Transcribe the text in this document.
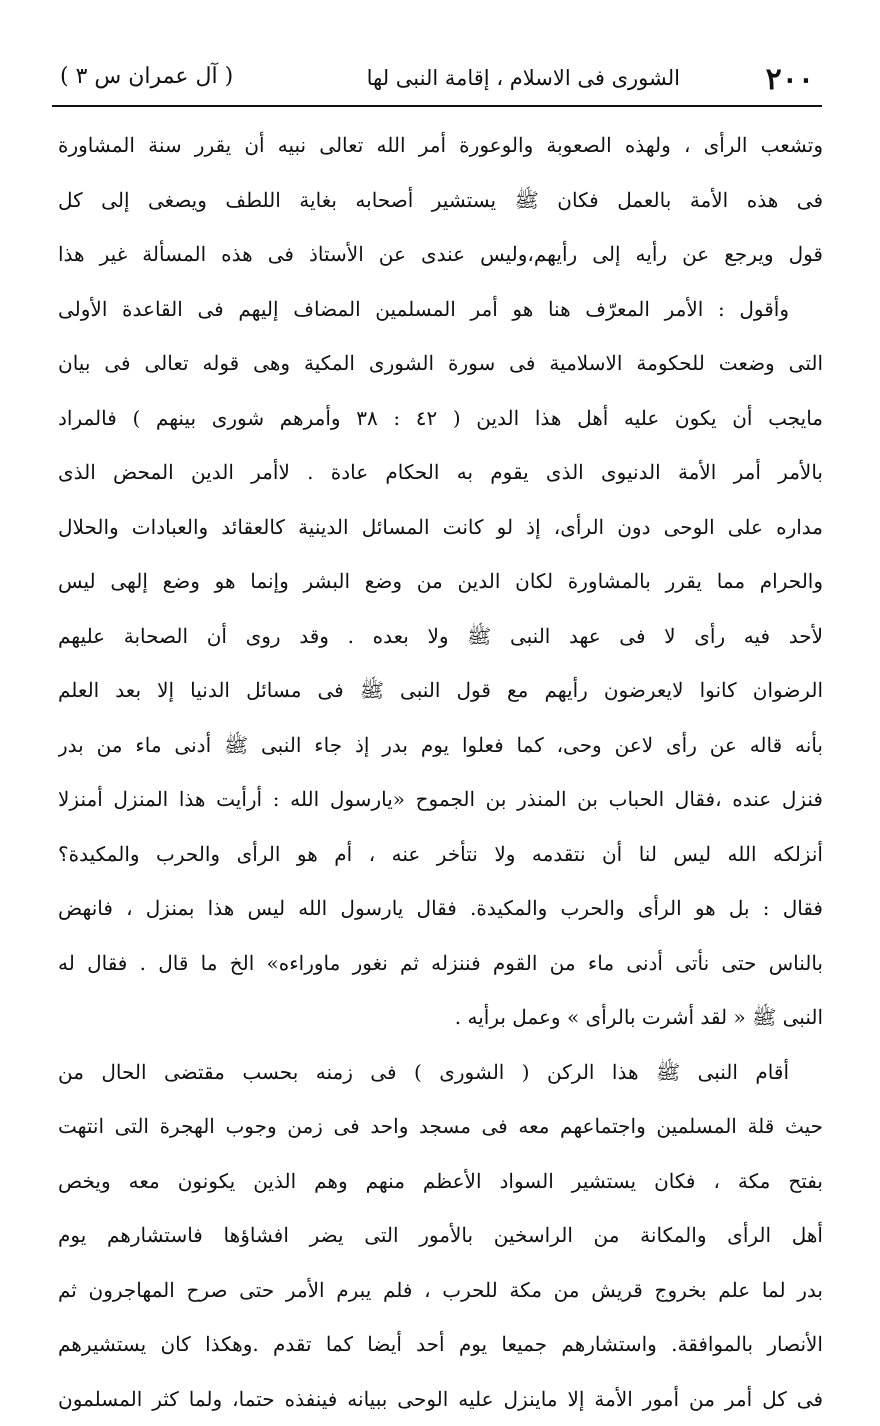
٢٠٠
الشورى فى الاسلام ، إقامة النبى لها
( آل عمران س ٣ )
وتشعب الرأى ، ولهذه الصعوبة والوعورة أمر الله تعالى نبيه أن يقرر سنة المشاورة
فى هذه الأمة بالعمل فكان ﷺ يستشير أصحابه بغاية اللطف ويصغى إلى كل
قول ويرجع عن رأيه إلى رأيهم،وليس عندى عن الأستاذ فى هذه المسألة غير هذا
وأقول : الأمر المعرّف هنا هو أمر المسلمين المضاف إليهم فى القاعدة الأولى
التى وضعت للحكومة الاسلامية فى سورة الشورى المكية وهى قوله تعالى فى بيان
مايجب أن يكون عليه أهل هذا الدين ( ٤٢ : ٣٨ وأمرهم شورى بينهم ) فالمراد
بالأمر أمر الأمة الدنيوى الذى يقوم به الحكام عادة . لاأمر الدين المحض الذى
مداره على الوحى دون الرأى، إذ لو كانت المسائل الدينية كالعقائد والعبادات والحلال
والحرام مما يقرر بالمشاورة لكان الدين من وضع البشر وإنما هو وضع إلهى ليس
لأحد فيه رأى لا فى عهد النبى ﷺ ولا بعده . وقد روى أن الصحابة عليهم
الرضوان كانوا لايعرضون رأيهم مع قول النبى ﷺ فى مسائل الدنيا إلا بعد العلم
بأنه قاله عن رأى لاعن وحى، كما فعلوا يوم بدر إذ جاء النبى ﷺ أدنى ماء من بدر
فنزل عنده ،فقال الحباب بن المنذر بن الجموح «يارسول الله : أرأيت هذا المنزل أمنزلا
أنزلكه الله ليس لنا أن نتقدمه ولا نتأخر عنه ، أم هو الرأى والحرب والمكيدة؟
فقال : بل هو الرأى والحرب والمكيدة. فقال يارسول الله ليس هذا بمنزل ، فانهض
بالناس حتى نأتى أدنى ماء من القوم فننزله ثم نغور ماوراءه» الخ ما قال . فقال له
النبى ﷺ « لقد أشرت بالرأى » وعمل برأيه .
أقام النبى ﷺ هذا الركن ( الشورى ) فى زمنه بحسب مقتضى الحال من
حيث قلة المسلمين واجتماعهم معه فى مسجد واحد فى زمن وجوب الهجرة التى انتهت
بفتح مكة ، فكان يستشير السواد الأعظم منهم وهم الذين يكونون معه ويخص
أهل الرأى والمكانة من الراسخين بالأمور التى يضر افشاؤها فاستشارهم يوم
بدر لما علم بخروج قريش من مكة للحرب ، فلم يبرم الأمر حتى صرح المهاجرون ثم
الأنصار بالموافقة. واستشارهم جميعا يوم أحد أيضا كما تقدم .وهكذا كان يستشيرهم
فى كل أمر من أمور الأمة إلا ماينزل عليه الوحى ببيانه فينفذه حتما، ولما كثر المسلمون
